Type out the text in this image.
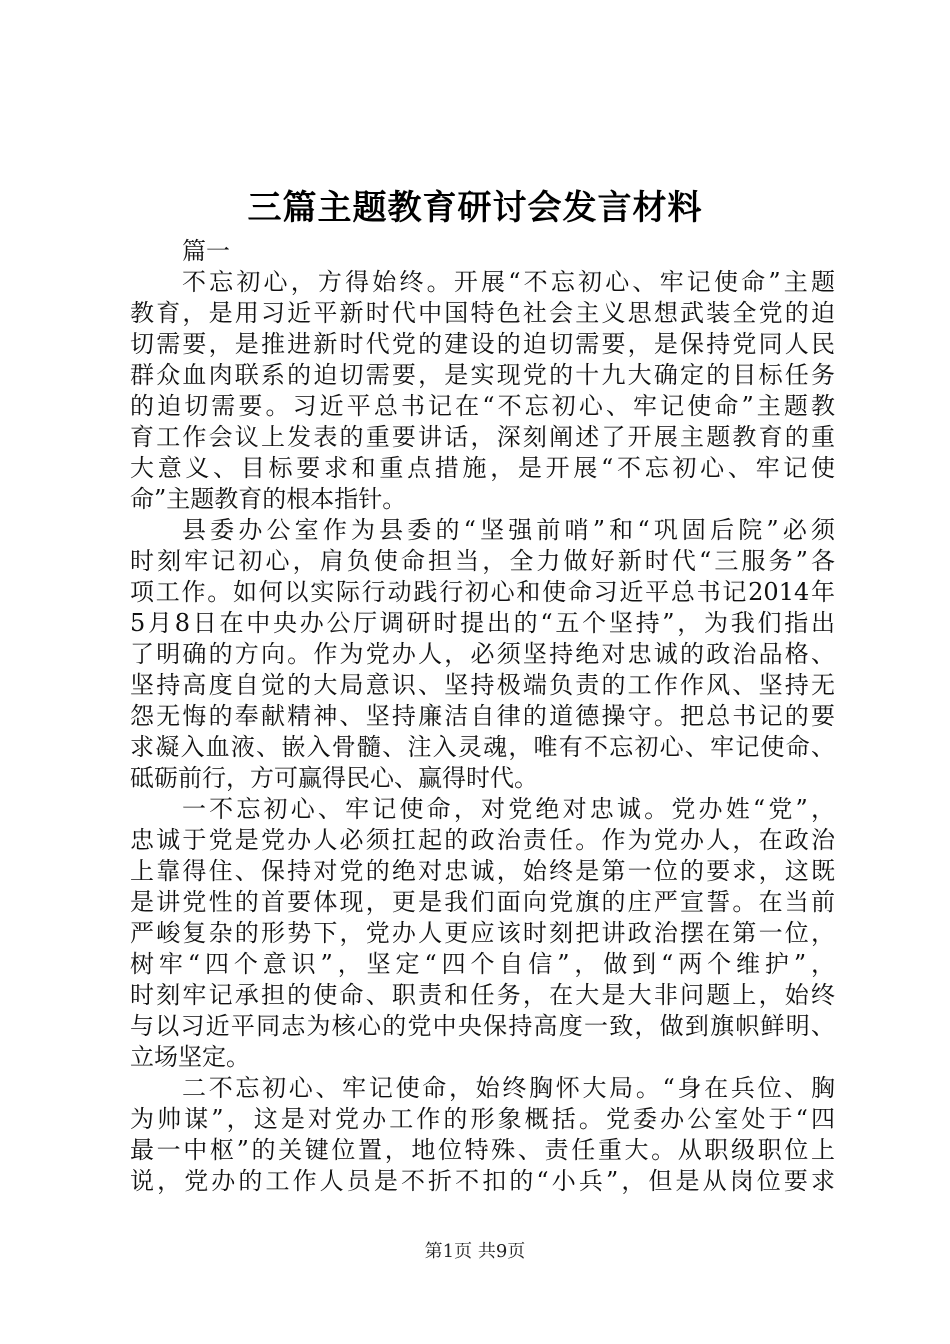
三篇主题教育研讨会发言材料
篇一
不忘初心，方得始终。开展“不忘初心、牢记使命”主题
教育，是用习近平新时代中国特色社会主义思想武装全党的迫
切需要，是推进新时代党的建设的迫切需要，是保持党同人民
群众血肉联系的迫切需要，是实现党的十九大确定的目标任务
的迫切需要。习近平总书记在“不忘初心、牢记使命”主题教
育工作会议上发表的重要讲话，深刻阐述了开展主题教育的重
大意义、目标要求和重点措施，是开展“不忘初心、牢记使
命”主题教育的根本指针。
县委办公室作为县委的“坚强前哨”和“巩固后院”必须
时刻牢记初心，肩负使命担当，全力做好新时代“三服务”各
项工作。如何以实际行动践行初心和使命习近平总书记2014年
5月8日在中央办公厅调研时提出的“五个坚持”，为我们指出
了明确的方向。作为党办人，必须坚持绝对忠诚的政治品格、
坚持高度自觉的大局意识、坚持极端负责的工作作风、坚持无
怨无悔的奉献精神、坚持廉洁自律的道德操守。把总书记的要
求凝入血液、嵌入骨髓、注入灵魂，唯有不忘初心、牢记使命、
砥砺前行，方可赢得民心、赢得时代。
一不忘初心、牢记使命，对党绝对忠诚。党办姓“党”，
忠诚于党是党办人必须扛起的政治责任。作为党办人，在政治
上靠得住、保持对党的绝对忠诚，始终是第一位的要求，这既
是讲党性的首要体现，更是我们面向党旗的庄严宣誓。在当前
严峻复杂的形势下，党办人更应该时刻把讲政治摆在第一位，
树牢“四个意识”，坚定“四个自信”，做到“两个维护”，
时刻牢记承担的使命、职责和任务，在大是大非问题上，始终
与以习近平同志为核心的党中央保持高度一致，做到旗帜鲜明、
立场坚定。
二不忘初心、牢记使命，始终胸怀大局。“身在兵位、胸
为帅谋”，这是对党办工作的形象概括。党委办公室处于“四
最一中枢”的关键位置，地位特殊、责任重大。从职级职位上
说，党办的工作人员是不折不扣的“小兵”，但是从岗位要求
第1页 共9页
